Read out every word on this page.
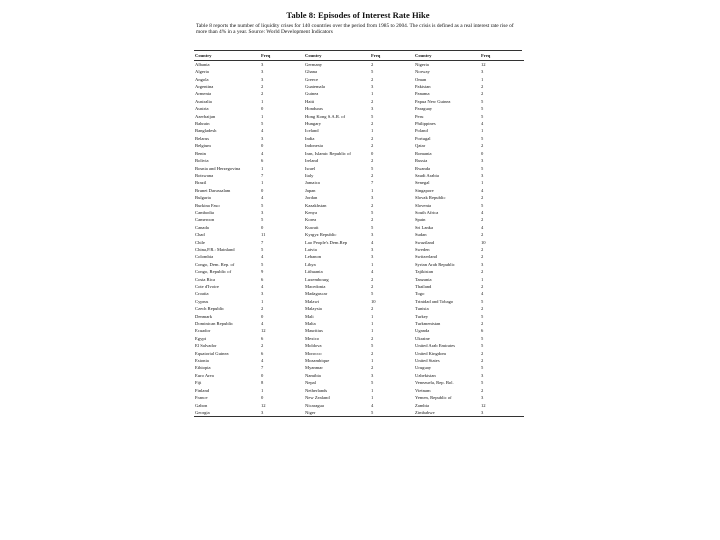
Table 8: Episodes of Interest Rate Hike
Table 8 reports the number of liquidity crises for 140 countries over the period from 1985 to 2004. The crisis is defined as a real interest rate rise of more than 4% in a year. Source: World Development Indicators
Country	Freq	Country	Freq	Country	Freq
Albania	3	Germany	2	Nigeria	12
Algeria	3	Ghana	5	Norway	3
Angola	3	Greece	2	Oman	1
Argentina	2	Guatemala	3	Pakistan	2
Armenia	2	Guinea	1	Panama	2
Australia	1	Haiti	2	Papua New Guinea	5
Austria	0	Honduras	3	Paraguay	5
Azerbaijan	1	Hong Kong S.A.R. of	5	Peru	5
Bahrain	5	Hungary	2	Philippines	4
Bangladesh	4	Iceland	1	Poland	1
Belarus	3	India	2	Portugal	5
Belgium	0	Indonesia	2	Qatar	2
Benin	4	Iran, Islamic Republic of	0	Romania	0
Bolivia	6	Ireland	2	Russia	3
Bosnia and Herzegovina	1	Israel	5	Rwanda	5
Botswana	7	Italy	2	Saudi Arabia	3
Brazil	1	Jamaica	7	Senegal	1
Brunei Darussalam	0	Japan	1	Singapore	4
Bulgaria	4	Jordan	3	Slovak Republic	2
Burkina Faso	5	Kazakhstan	2	Slovenia	5
Cambodia	3	Kenya	5	South Africa	4
Cameroon	5	Korea	2	Spain	2
Canada	0	Kuwait	5	Sri Lanka	4
Chad	11	Kyrgyz Republic	3	Sudan	2
Chile	7	Lao People's Dem.Rep	4	Swaziland	10
China,P.R.: Mainland	5	Latvia	3	Sweden	2
Colombia	4	Lebanon	3	Switzerland	2
Congo, Dem. Rep. of	5	Libya	1	Syrian Arab Republic	3
Congo, Republic of	9	Lithuania	4	Tajikistan	2
Costa Rica	6	Luxembourg	2	Tanzania	1
Cote d'Ivoire	4	Macedonia	2	Thailand	2
Croatia	3	Madagascar	5	Togo	4
Cyprus	1	Malawi	10	Trinidad and Tobago	5
Czech Republic	2	Malaysia	2	Tunisia	2
Denmark	0	Mali	1	Turkey	5
Dominican Republic	4	Malta	1	Turkmenistan	2
Ecuador	12	Mauritius	1	Uganda	6
Egypt	6	Mexico	2	Ukraine	5
El Salvador	2	Moldova	5	United Arab Emirates	5
Equatorial Guinea	6	Morocco	2	United Kingdom	2
Estonia	4	Mozambique	1	United States	2
Ethiopia	7	Myanmar	2	Uruguay	5
Euro Area	0	Namibia	3	Uzbekistan	3
Fiji	8	Nepal	5	Venezuela, Rep. Bol.	5
Finland	1	Netherlands	1	Vietnam	2
France	0	New Zealand	1	Yemen, Republic of	3
Gabon	12	Nicaragua	4	Zambia	12
Georgia	3	Niger	5	Zimbabwe	3
